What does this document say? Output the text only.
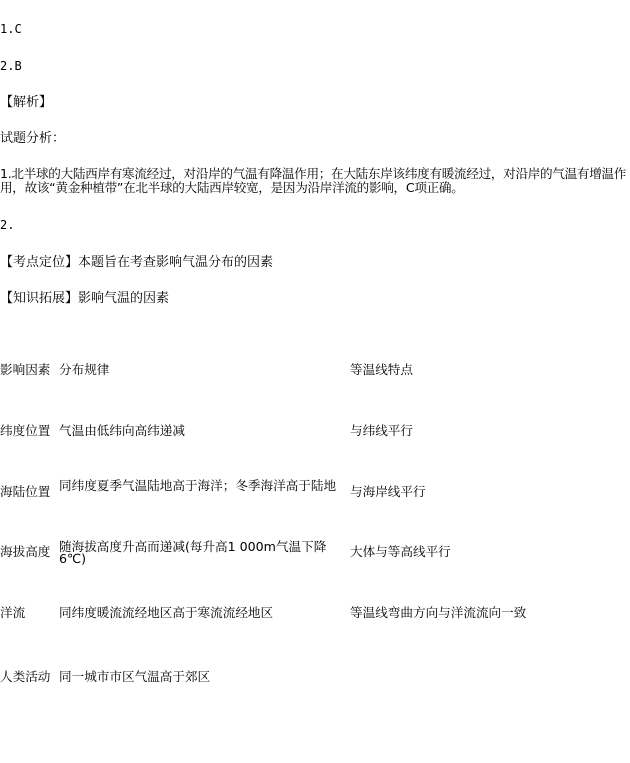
1.C
2.B
【解析】
试题分析：
1.北半球的大陆西岸有寒流经过，对沿岸的气温有降温作用；在大陆东岸该纬度有暖流经过，对沿岸的气温有增温作用，故该“黄金种植带”在北半球的大陆西岸较宽，是因为沿岸洋流的影响，C项正确。
2.
【考点定位】本题旨在考查影响气温分布的因素
【知识拓展】影响气温的因素
影响因素 分布规律	等温线特点
纬度位置 气温由低纬向高纬递减	与纬线平行
海陆位置 同纬度夏季气温陆地高于海洋；冬季海洋高于陆地	与海岸线平行
海拔高度 随海拔高度升高而递减(每升高1 000m气温下降6℃)	大体与等高线平行
洋流	同纬度暖流流经地区高于寒流流经地区	等温线弯曲方向与洋流流向一致
人类活动 同一城市市区气温高于郊区
